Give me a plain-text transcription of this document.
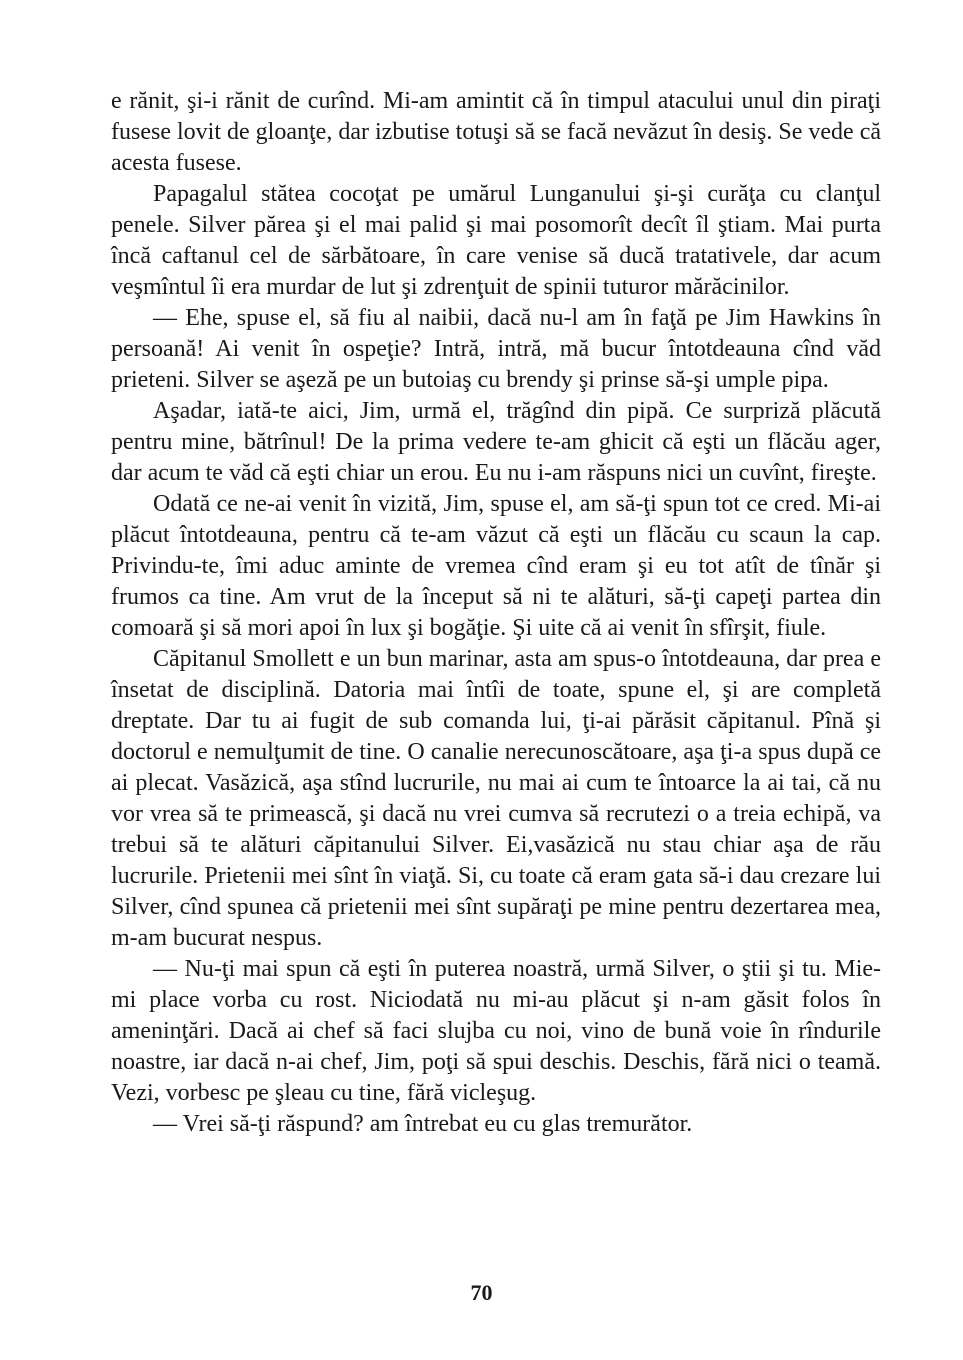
e rănit, şi-i rănit de curînd. Mi-am amintit că în timpul atacului unul din piraţi fusese lovit de gloanţe, dar izbutise totuşi să se facă nevăzut în desiş. Se vede că acesta fusese.

Papagalul stătea cocoţat pe umărul Lunganului şi-şi curăţa cu clanţul penele. Silver părea şi el mai palid şi mai posomorît decît îl ştiam. Mai purta încă caftanul cel de sărbătoare, în care venise să ducă tratativele, dar acum veşmîntul îi era murdar de lut şi zdrenţuit de spinii tuturor mărăcinilor.

— Ehe, spuse el, să fiu al naibii, dacă nu-l am în faţă pe Jim Hawkins în persoană! Ai venit în ospeţie? Intră, intră, mă bucur întotdeauna cînd văd prieteni. Silver se aşeză pe un butoiaş cu brendy şi prinse să-şi umple pipa.

Aşadar, iată-te aici, Jim, urmă el, trăgînd din pipă. Ce surpriză plăcută pentru mine, bătrînul! De la prima vedere te-am ghicit că eşti un flăcău ager, dar acum te văd că eşti chiar un erou. Eu nu i-am răspuns nici un cuvînt, fireşte.

Odată ce ne-ai venit în vizită, Jim, spuse el, am să-ţi spun tot ce cred. Mi-ai plăcut întotdeauna, pentru că te-am văzut că eşti un flăcău cu scaun la cap. Privindu-te, îmi aduc aminte de vremea cînd eram şi eu tot atît de tînăr şi frumos ca tine. Am vrut de la început să ni te alături, să-ţi capeţi partea din comoară şi să mori apoi în lux şi bogăţie. Şi uite că ai venit în sfîrşit, fiule.

Căpitanul Smollett e un bun marinar, asta am spus-o întotdeauna, dar prea e însetat de disciplină. Datoria mai întîi de toate, spune el, şi are completă dreptate. Dar tu ai fugit de sub comanda lui, ţi-ai părăsit căpitanul. Pînă şi doctorul e nemulţumit de tine. O canalie nerecunoscătoare, aşa ţi-a spus după ce ai plecat. Vasăzică, aşa stînd lucrurile, nu mai ai cum te întoarce la ai tai, că nu vor vrea să te primească, şi dacă nu vrei cumva să recrutezi o a treia echipă, va trebui să te alături căpitanului Silver. Ei,vasăzică nu stau chiar aşa de rău lucrurile. Prietenii mei sînt în viaţă. Si, cu toate că eram gata să-i dau crezare lui Silver, cînd spunea că prietenii mei sînt supăraţi pe mine pentru dezertarea mea, m-am bucurat nespus.

— Nu-ţi mai spun că eşti în puterea noastră, urmă Silver, o ştii şi tu. Mie-mi place vorba cu rost. Niciodată nu mi-au plăcut şi n-am găsit folos în ameninţări. Dacă ai chef să faci slujba cu noi, vino de bună voie în rîndurile noastre, iar dacă n-ai chef, Jim, poţi să spui deschis. Deschis, fără nici o teamă. Vezi, vorbesc pe şleau cu tine, fără vicleşug.

— Vrei să-ţi răspund? am întrebat eu cu glas tremurător.

70
